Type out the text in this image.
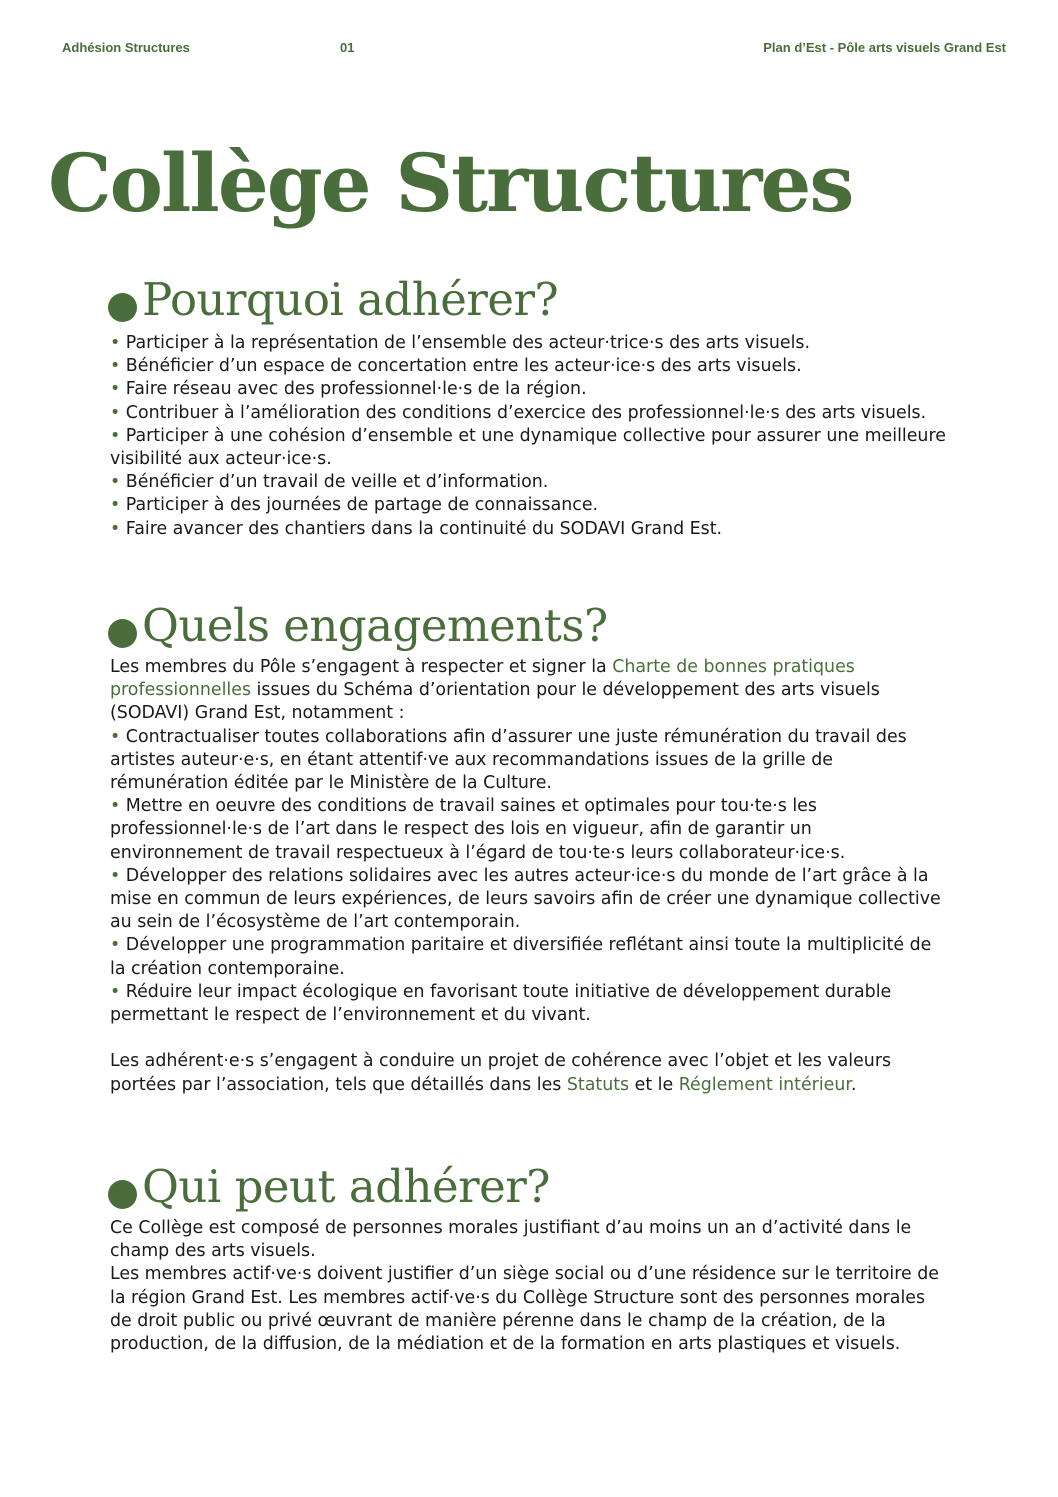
Adhésion Structures	01	Plan d’Est - Pôle arts visuels Grand Est
Collège Structures
Pourquoi adhérer?

• Participer à la représentation de l’ensemble des acteur·trice·s des arts visuels.

• Bénéficier d’un espace de concertation entre les acteur·ice·s des arts visuels.

• Faire réseau avec des professionnel·le·s de la région.

• Contribuer à l’amélioration des conditions d’exercice des professionnel·le·s des arts visuels.

• Participer à une cohésion d’ensemble et une dynamique collective pour assurer une meilleure visibilité aux acteur·ice·s.

• Bénéficier d’un travail de veille et d’information.

• Participer à des journées de partage de connaissance.

• Faire avancer des chantiers dans la continuité du SODAVI Grand Est.

Quels engagements?

Les membres du Pôle s’engagent à respecter et signer la Charte de bonnes pratiques professionnelles issues du Schéma d’orientation pour le développement des arts visuels (SODAVI) Grand Est, notamment :

• Contractualiser toutes collaborations afin d’assurer une juste rémunération du travail des artistes auteur·e·s, en étant attentif·ve aux recommandations issues de la grille de rémunération éditée par le Ministère de la Culture.

• Mettre en oeuvre des conditions de travail saines et optimales pour tou·te·s les professionnel·le·s de l’art dans le respect des lois en vigueur, afin de garantir un environnement de travail respectueux à l’égard de tou·te·s leurs collaborateur·ice·s.

• Développer des relations solidaires avec les autres acteur·ice·s du monde de l’art grâce à la mise en commun de leurs expériences, de leurs savoirs afin de créer une dynamique collective au sein de l’écosystème de l’art contemporain.

• Développer une programmation paritaire et diversifiée reflétant ainsi toute la multiplicité de la création contemporaine.

• Réduire leur impact écologique en favorisant toute initiative de développement durable permettant le respect de l’environnement et du vivant.

Les adhérent·e·s s’engagent à conduire un projet de cohérence avec l’objet et les valeurs portées par l’association, tels que détaillés dans les Statuts et le Réglement intérieur.

Qui peut adhérer?

Ce Collège est composé de personnes morales justifiant d’au moins un an d’activité dans le champ des arts visuels.

Les membres actif·ve·s doivent justifier d’un siège social ou d’une résidence sur le territoire de la région Grand Est. Les membres actif·ve·s du Collège Structure sont des personnes morales de droit public ou privé œuvrant de manière pérenne dans le champ de la création, de la production, de la diffusion, de la médiation et de la formation en arts plastiques et visuels.
